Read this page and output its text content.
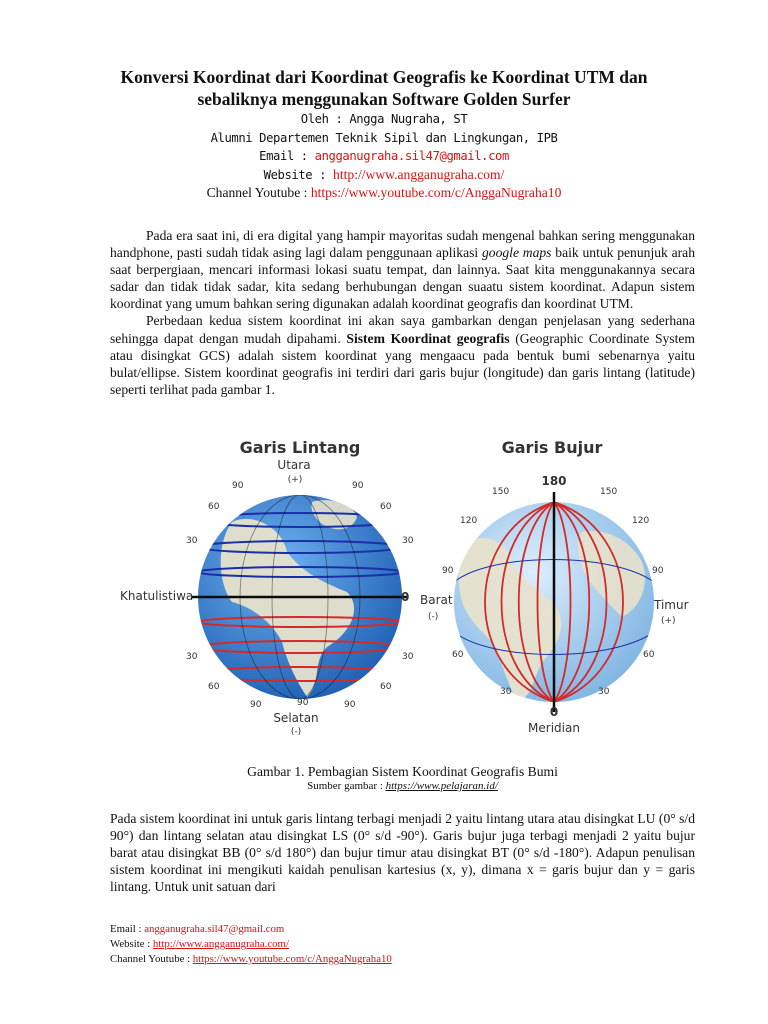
Konversi Koordinat dari Koordinat Geografis ke Koordinat UTM dan
sebaliknya menggunakan Software Golden Surfer
Oleh : Angga Nugraha, ST
Alumni Departemen Teknik Sipil dan Lingkungan, IPB
Email : angganugraha.sil47@gmail.com
Website : http://www.angganugraha.com/
Channel Youtube : https://www.youtube.com/c/AnggaNugraha10

Pada era saat ini, di era digital yang hampir mayoritas sudah mengenal bahkan sering menggunakan handphone, pasti sudah tidak asing lagi dalam penggunaan aplikasi google maps baik untuk penunjuk arah saat berpergiaan, mencari informasi lokasi suatu tempat, dan lainnya. Saat kita menggunakannya secara sadar dan tidak tidak sadar, kita sedang berhubungan dengan suaatu sistem koordinat. Adapun sistem koordinat yang umum bahkan sering digunakan adalah koordinat geografis dan koordinat UTM.

Perbedaan kedua sistem koordinat ini akan saya gambarkan dengan penjelasan yang sederhana sehingga dapat dengan mudah dipahami. Sistem Koordinat geografis (Geographic Coordinate System atau disingkat GCS) adalah sistem koordinat yang mengaacu pada bentuk bumi sebenarnya yaitu bulat/ellipse. Sistem koordinat geografis ini terdiri dari garis bujur (longitude) dan garis lintang (latitude) seperti terlihat pada gambar 1.

Garis Lintang
Utara
(+)
Khatulistiwa	0
90	90
60	60
30	30
30	30
60	60
90	90
90
Selatan
(-)
Garis Bujur
180
150	150
120	120
90	90
60	60
30	30
Barat
(-)
Timur
(+)
0
Meridian
Gambar 1. Pembagian Sistem Koordinat Geografis Bumi
Sumber gambar : https://www.pelajaran.id/

Pada sistem koordinat ini untuk garis lintang terbagi menjadi 2 yaitu lintang utara atau disingkat LU (0° s/d 90°) dan lintang selatan atau disingkat LS (0° s/d -90°). Garis bujur juga terbagi menjadi 2 yaitu bujur barat atau disingkat BB (0° s/d 180°) dan bujur timur atau disingkat BT (0° s/d -180°). Adapun penulisan sistem koordinat ini mengikuti kaidah penulisan kartesius (x, y), dimana x = garis bujur dan y = garis lintang. Untuk unit satuan dari

Email : angganugraha.sil47@gmail.com
Website : http://www.angganugraha.com/
Channel Youtube : https://www.youtube.com/c/AnggaNugraha10
